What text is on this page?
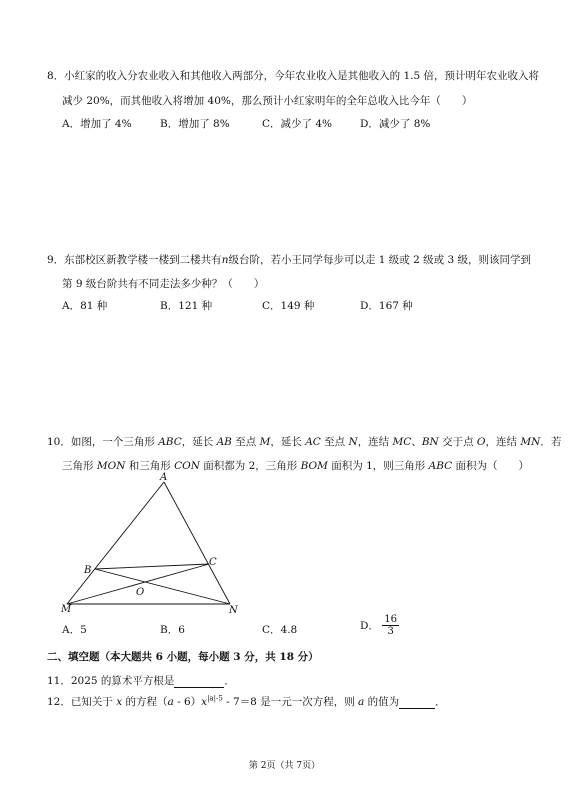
8．小红家的收入分农业收入和其他收入两部分，今年农业收入是其他收入的 1.5 倍，预计明年农业收入将
减少 20%，而其他收入将增加 40%，那么预计小红家明年的全年总收入比今年（　　）
A．增加了 4%	B．增加了 8%	C．减少了 4%	D．减少了 8%
9．东部校区新教学楼一楼到二楼共有n级台阶，若小王同学每步可以走 1 级或 2 级或 3 级，则该同学到
第 9 级台阶共有不同走法多少种？（　　）
A．81 种	B．121 种	C．149 种	D．167 种
10．如图，一个三角形 ABC，延长 AB 至点 M，延长 AC 至点 N，连结 MC、BN 交于点 O，连结 MN．若
三角形 MON 和三角形 CON 面积都为 2，三角形 BOM 面积为 1，则三角形 ABC 面积为（　　）
A
B
C
M	N
O
A．5	B．6	C．4.8	D． $\frac{16}{3}$
二、填空题（本大题共 6 小题，每小题 3 分，共 18 分）
11．2025 的算术平方根是	．
12．已知关于 x 的方程$(a - 6)x^{|a|-5} - 7=8$ 是一元一次方程，则 a 的值为	．
第 2页（共 7页）
